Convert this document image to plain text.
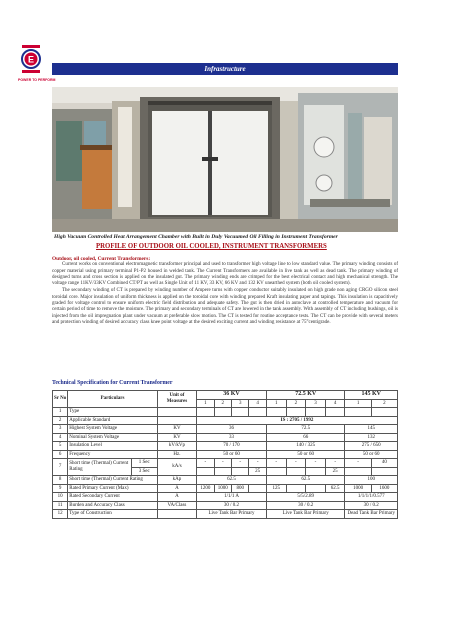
E
POWER TO PERFORM
Infrastructure
High Vacuum Controlled Heat Arrangement Chamber with Built in Duly Vacuumed Oil Filling in Instrument Transformer
PROFILE OF OUTDOOR OIL COOLED, INSTRUMENT TRANSFORMERS
Outdoor, oil cooled, Current Transformers:

Current works on conventional electromagnetic transformer principal and used to transformer high voltage line to low standard value. The primary winding consists of copper material using primary terminal P1-P2 housed in welded tank. The Current Transformers are available in live tank as well as dead tank. The primary winding of designed turns and cross section is applied on the insulated gut. The primary winding ends are crimped for the best electrical contact and high mechanical strength. The voltage range 11KV/33KV Combined CT/PT as well as Single Unit of 11 KV, 33 KV, 66 KV and 132 KV unearthed system (both oil cooled system).

The secondary winding of CT is prepared by winding number of Ampere turns with copper conductor suitably insulated on high grade non aging CRGO silicon steel toroidal core. Major insulation of uniform thickness is applied on the toroidal core with winding prepared Kraft insulating paper and tapings. This insulation is capacitively graded for voltage control to ensure uniform electric field distribution and adequate safety. The gut is then dried in autoclave at controlled temperature and vacuum for certain period of time to remove the moisture. The primary and secondary terminals of CT are lowered in the tank assembly. With assembly of CT including bushings, oil is injected from the oil impregnation plant under vacuum at preferable slow motion. The CT is tested for routine acceptance tests. The CT can be provide with several meters and protection winding of desired accuracy class knee point voltage at the desired exciting current and winding resistance at 75°centigrade.

Technical Specification for Current Transformer
Sr No	Particulars		Unit of Measures	36 KV				72.5 KV				145 KV	
				1	2	3	4	1	2	3	4	1	2
1	Type												
2	Applicable Standard			IS : 2705 / 1992									
3	Highest System Voltage		KV	36				72.5				145	
4	Nominal System Voltage		KV	33				66				132	
5	Insulation Level		kV/kVp	70 / 170				140 / 325				275 / 650	
6	Frequency		Hz.	50 or 60				50 or 60				50 or 60	
7	Short time (Thermal) Current Rating	1 Sec	kA/s	-	-	-	-	-	-	-	-	-	40
		3 Sec					25				25		
8	Short time (Thermal) Current Rating		kAp	62.5				62.5				100	
9	Rated Primary Current (Max)		A	1200	1000	800		125			62.5	1000	1600
10	Rated Secondary Current		A	1/1/1 A				5/5/2.89				1/1/1/1/0.577	
11	Burden and Accuracy Class		VA/Class	30 / 0.2				30 / 0.2				30 / 0.2	
12	Type of Construction			Live Tank Bar Primary				Live Tank Bar Primary				Dead Tank Bar Primary	
